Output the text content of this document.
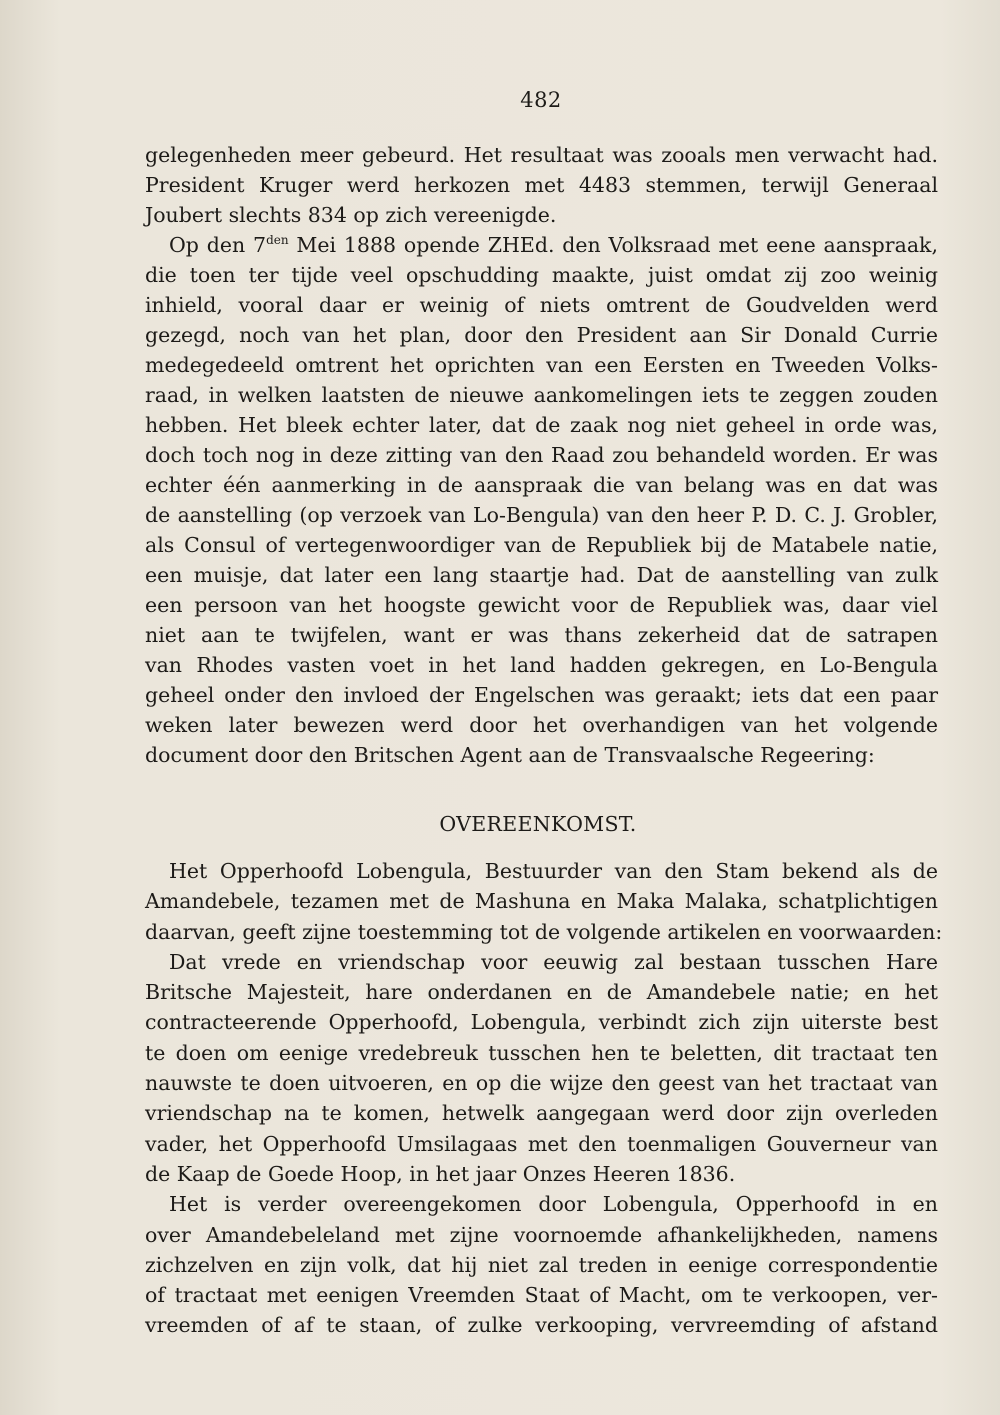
482
gelegenheden meer gebeurd. Het resultaat was zooals men verwacht had.
President Kruger werd herkozen met 4483 stemmen, terwijl Generaal
Joubert slechts 834 op zich vereenigde.
Op den $7^{den}$ Mei 1888 opende ZHEd. den Volksraad met eene aanspraak,
die toen ter tijde veel opschudding maakte, juist omdat zij zoo weinig
inhield, vooral daar er weinig of niets omtrent de Goudvelden werd
gezegd, noch van het plan, door den President aan Sir Donald Currie
medegedeeld omtrent het oprichten van een Eersten en Tweeden Volks-
raad, in welken laatsten de nieuwe aankomelingen iets te zeggen zouden
hebben. Het bleek echter later, dat de zaak nog niet geheel in orde was,
doch toch nog in deze zitting van den Raad zou behandeld worden. Er was
echter één aanmerking in de aanspraak die van belang was en dat was
de aanstelling (op verzoek van Lo-Bengula) van den heer P. D. C. J. Grobler,
als Consul of vertegenwoordiger van de Republiek bij de Matabele natie,
een muisje, dat later een lang staartje had. Dat de aanstelling van zulk
een persoon van het hoogste gewicht voor de Republiek was, daar viel
niet aan te twijfelen, want er was thans zekerheid dat de satrapen
van Rhodes vasten voet in het land hadden gekregen, en Lo-Bengula
geheel onder den invloed der Engelschen was geraakt; iets dat een paar
weken later bewezen werd door het overhandigen van het volgende
document door den Britschen Agent aan de Transvaalsche Regeering:
OVEREENKOMST.
Het Opperhoofd Lobengula, Bestuurder van den Stam bekend als de
Amandebele, tezamen met de Mashuna en Maka Malaka, schatplichtigen
daarvan, geeft zijne toestemming tot de volgende artikelen en voorwaarden:
Dat vrede en vriendschap voor eeuwig zal bestaan tusschen Hare
Britsche Majesteit, hare onderdanen en de Amandebele natie; en het
contracteerende Opperhoofd, Lobengula, verbindt zich zijn uiterste best
te doen om eenige vredebreuk tusschen hen te beletten, dit tractaat ten
nauwste te doen uitvoeren, en op die wijze den geest van het tractaat van
vriendschap na te komen, hetwelk aangegaan werd door zijn overleden
vader, het Opperhoofd Umsilagaas met den toenmaligen Gouverneur van
de Kaap de Goede Hoop, in het jaar Onzes Heeren 1836.
Het is verder overeengekomen door Lobengula, Opperhoofd in en
over Amandebeleland met zijne voornoemde afhankelijkheden, namens
zichzelven en zijn volk, dat hij niet zal treden in eenige correspondentie
of tractaat met eenigen Vreemden Staat of Macht, om te verkoopen, ver-
vreemden of af te staan, of zulke verkooping, vervreemding of afstand
